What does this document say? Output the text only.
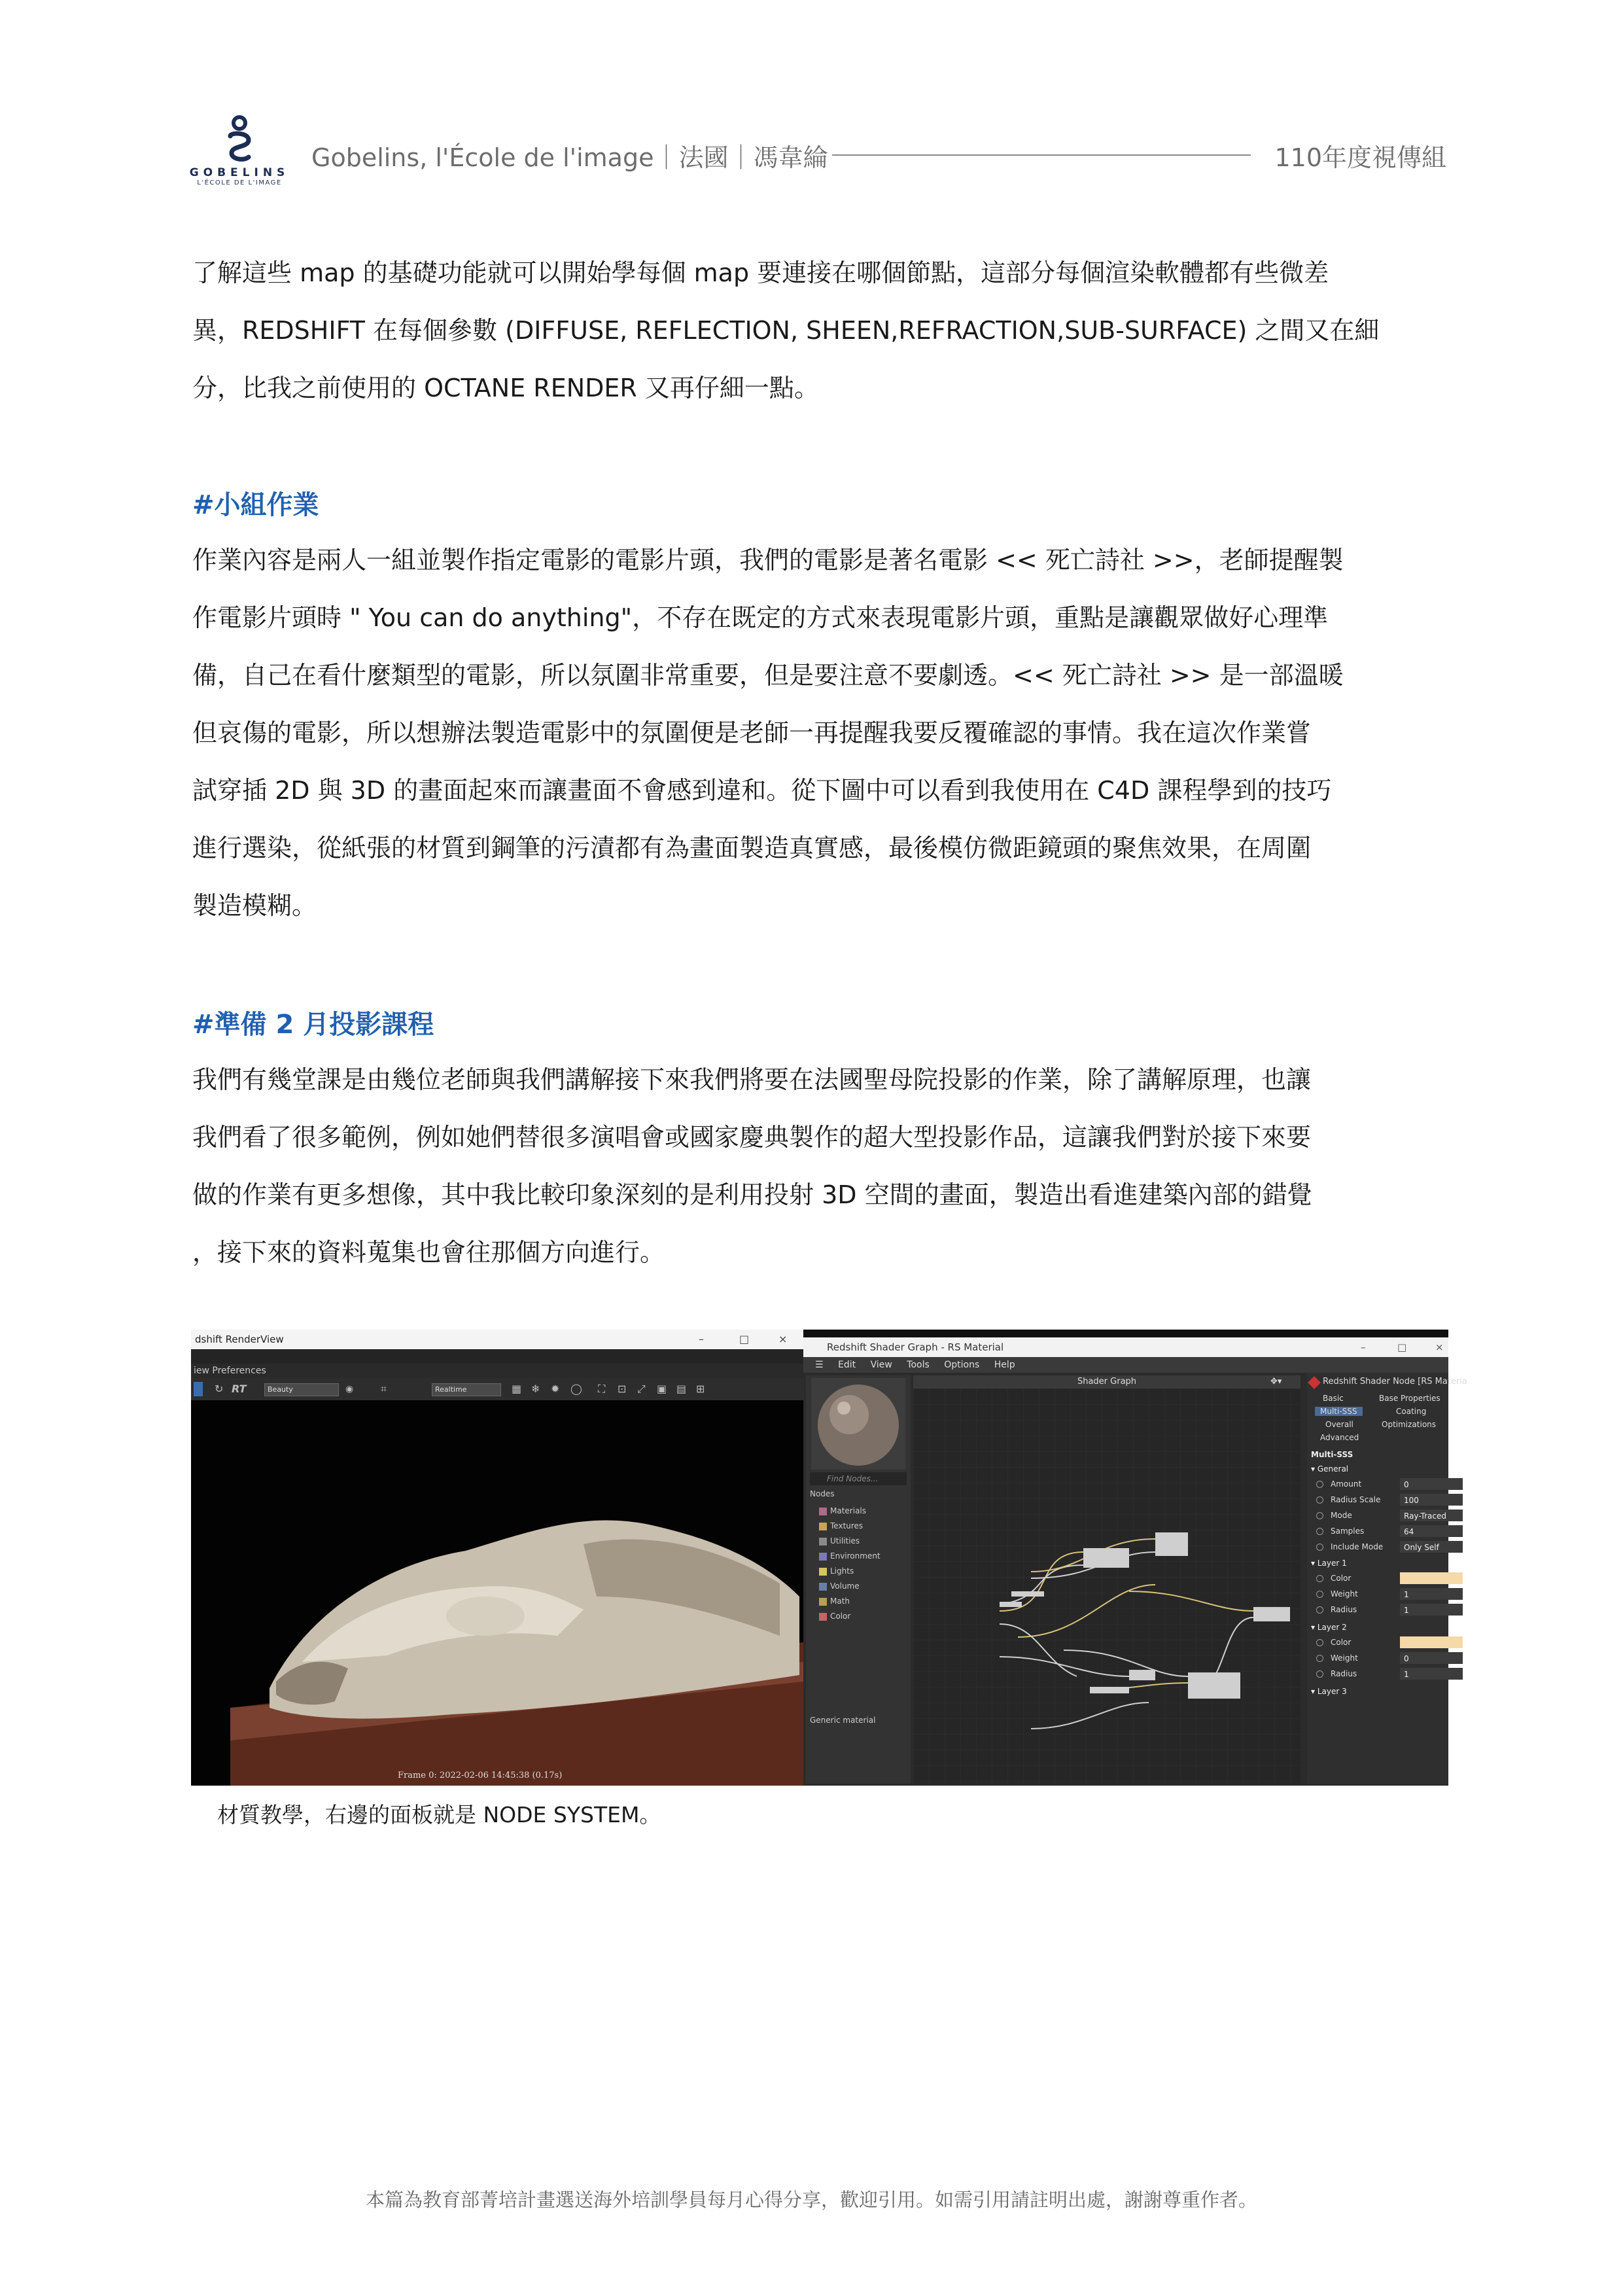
GOBELINS
L'ÉCOLE DE L'IMAGE
Gobelins, l'École de l'image｜法國｜馮韋綸	110年度視傳組
了解這些 map 的基礎功能就可以開始學每個 map 要連接在哪個節點，這部分每個渲染軟體都有些微差
異，REDSHIFT 在每個參數 (DIFFUSE, REFLECTION, SHEEN,REFRACTION,SUB-SURFACE) 之間又在細
分，比我之前使用的 OCTANE RENDER 又再仔細一點。
#小組作業
作業內容是兩人一組並製作指定電影的電影片頭，我們的電影是著名電影 << 死亡詩社 >>，老師提醒製
作電影片頭時 " You can do anything"，不存在既定的方式來表現電影片頭，重點是讓觀眾做好心理準
備，自己在看什麼類型的電影，所以氛圍非常重要，但是要注意不要劇透。<< 死亡詩社 >> 是一部溫暖
但哀傷的電影，所以想辦法製造電影中的氛圍便是老師一再提醒我要反覆確認的事情。我在這次作業嘗
試穿插 2D 與 3D 的畫面起來而讓畫面不會感到違和。從下圖中可以看到我使用在 C4D 課程學到的技巧
進行選染，從紙張的材質到鋼筆的污漬都有為畫面製造真實感，最後模仿微距鏡頭的聚焦效果，在周圍
製造模糊。
#準備 2 月投影課程
我們有幾堂課是由幾位老師與我們講解接下來我們將要在法國聖母院投影的作業，除了講解原理，也讓
我們看了很多範例，例如她們替很多演唱會或國家慶典製作的超大型投影作品，這讓我們對於接下來要
做的作業有更多想像，其中我比較印象深刻的是利用投射 3D 空間的畫面，製造出看進建築內部的錯覺
，接下來的資料蒐集也會往那個方向進行。
dshift RenderView	–	□	×
iew Preferences
↻ RT	Beauty	◉	⌗	Realtime	▦ ❄ ✹ ◯ ⛶ ⊡ ⤢ ▣ ▤ ⊞
Frame 0: 2022-02-06 14:45:38 (0.17s)
Redshift Shader Graph - RS Material	–	□	×
☰ Edit View Tools Options Help
Find Nodes...
Nodes
Materials
Textures
Utilities
Environment
Lights
Volume
Math
Color
Generic material
Shader Graph	✥▾	Redshift Shader Node [RS Materia
Basic	Base Properties
Multi-SSS	Coating
Overall	Optimizations
Advanced
Multi-SSS
▾ General
Amount	0
Radius Scale	100
Mode	Ray-Traced
Samples	64
Include Mode	Only Self
▾ Layer 1
Color
Weight	1
Radius	1
▾ Layer 2
Color
Weight	0
Radius	1
▾ Layer 3
材質教學，右邊的面板就是 NODE SYSTEM。
本篇為教育部菁培計畫選送海外培訓學員每月心得分享，歡迎引用。如需引用請註明出處，謝謝尊重作者。
